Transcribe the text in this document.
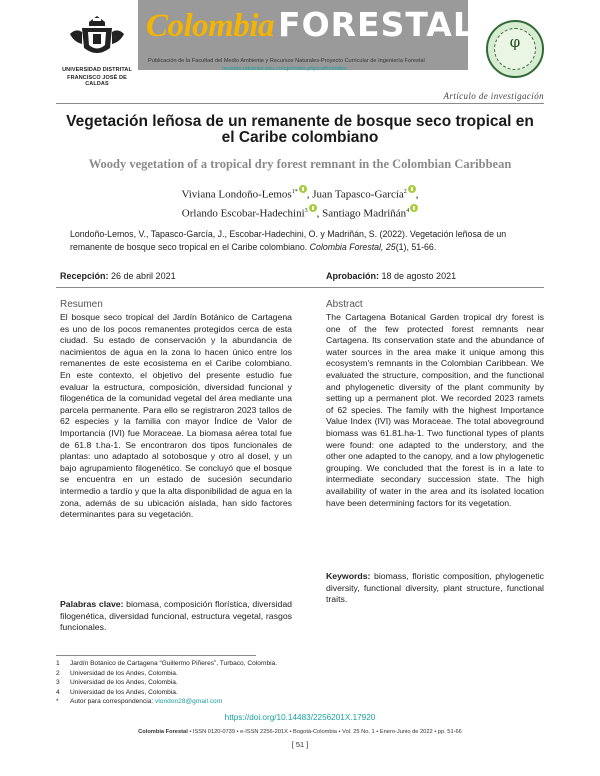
UNIVERSIDAD DISTRITAL
FRANCISCO JOSÉ DE CALDAS
Colombia FORESTAL
Publicación de la Facultad del Medio Ambiente y Recursos Naturales-Proyecto Curricular de Ingeniería Forestal
revistas.udistrital.edu.co/ojs/index.php/colfor/index
φ
Artículo de investigación
Vegetación leñosa de un remanente de bosque seco tropical en el Caribe colombiano
Woody vegetation of a tropical dry forest remnant in the Colombian Caribbean
Viviana Londoño-Lemos$^{1*}$ , Juan Tapasco-García$^2$ ,
Orlando Escobar-Hadechini$^3$ , Santiago Madriñán$^4$
Londoño-Lemos, V., Tapasco-García, J., Escobar-Hadechini, O. y Madriñán, S. (2022). Vegetación leñosa de un remanente de bosque seco tropical en el Caribe colombiano. Colombia Forestal, 25(1), 51-66.
Recepción: 26 de abril 2021	Aprobación: 18 de agosto 2021
Resumen
El bosque seco tropical del Jardín Botánico de Cartagena es uno de los pocos remanentes protegidos cerca de esta ciudad. Su estado de conservación y la abundancia de nacimientos de agua en la zona lo hacen único entre los remanentes de este ecosistema en el Caribe colombiano. En este contexto, el objetivo del presente estudio fue evaluar la estructura, composición, diversidad funcional y filogenética de la comunidad vegetal del área mediante una parcela permanente. Para ello se registraron 2023 tallos de 62 especies y la familia con mayor Índice de Valor de Importancia (IVI) fue Moraceae. La biomasa aérea total fue de 61.8 t.ha-1. Se encontraron dos tipos funcionales de plantas: uno adaptado al sotobosque y otro al dosel, y un bajo agrupamiento filogenético. Se concluyó que el bosque se encuentra en un estado de sucesión secundario intermedio a tardío y que la alta disponibilidad de agua en la zona, además de su ubicación aislada, han sido factores determinantes para su vegetación.
Palabras clave: biomasa, composición florística, diversidad filogenética, diversidad funcional, estructura vegetal, rasgos funcionales.
Abstract
The Cartagena Botanical Garden tropical dry forest is one of the few protected forest remnants near Cartagena. Its conservation state and the abundance of water sources in the area make it unique among this ecosystem's remnants in the Colombian Caribbean. We evaluated the structure, composition, and the functional and phylogenetic diversity of the plant community by setting up a permanent plot. We recorded 2023 ramets of 62 species. The family with the highest Importance Value Index (IVI) was Moraceae. The total aboveground biomass was 61.81.ha-1. Two functional types of plants were found: one adapted to the understory, and the other one adapted to the canopy, and a low phylogenetic grouping. We concluded that the forest is in a late to intermediate secondary succession state. The high availability of water in the area and its isolated location have been determining factors for its vegetation.
Keywords: biomass, floristic composition, phylogenetic diversity, functional diversity, plant structure, functional traits.
1 Jardín Botánico de Cartagena “Guillermo Piñeres”, Turbaco, Colombia.
2 Universidad de los Andes, Colombia.
3 Universidad de los Andes, Colombia.
4 Universidad de los Andes, Colombia.
* Autor para correspondencia: vlondon28@gmail.com
https://doi.org/10.14483/2256201X.17920
Colombia Forestal • ISSN 0120-0739 • e-ISSN 2256-201X • Bogotá-Colombia • Vol. 25 No. 1 • Enero-Junio de 2022 • pp. 51-66
[ 51 ]
